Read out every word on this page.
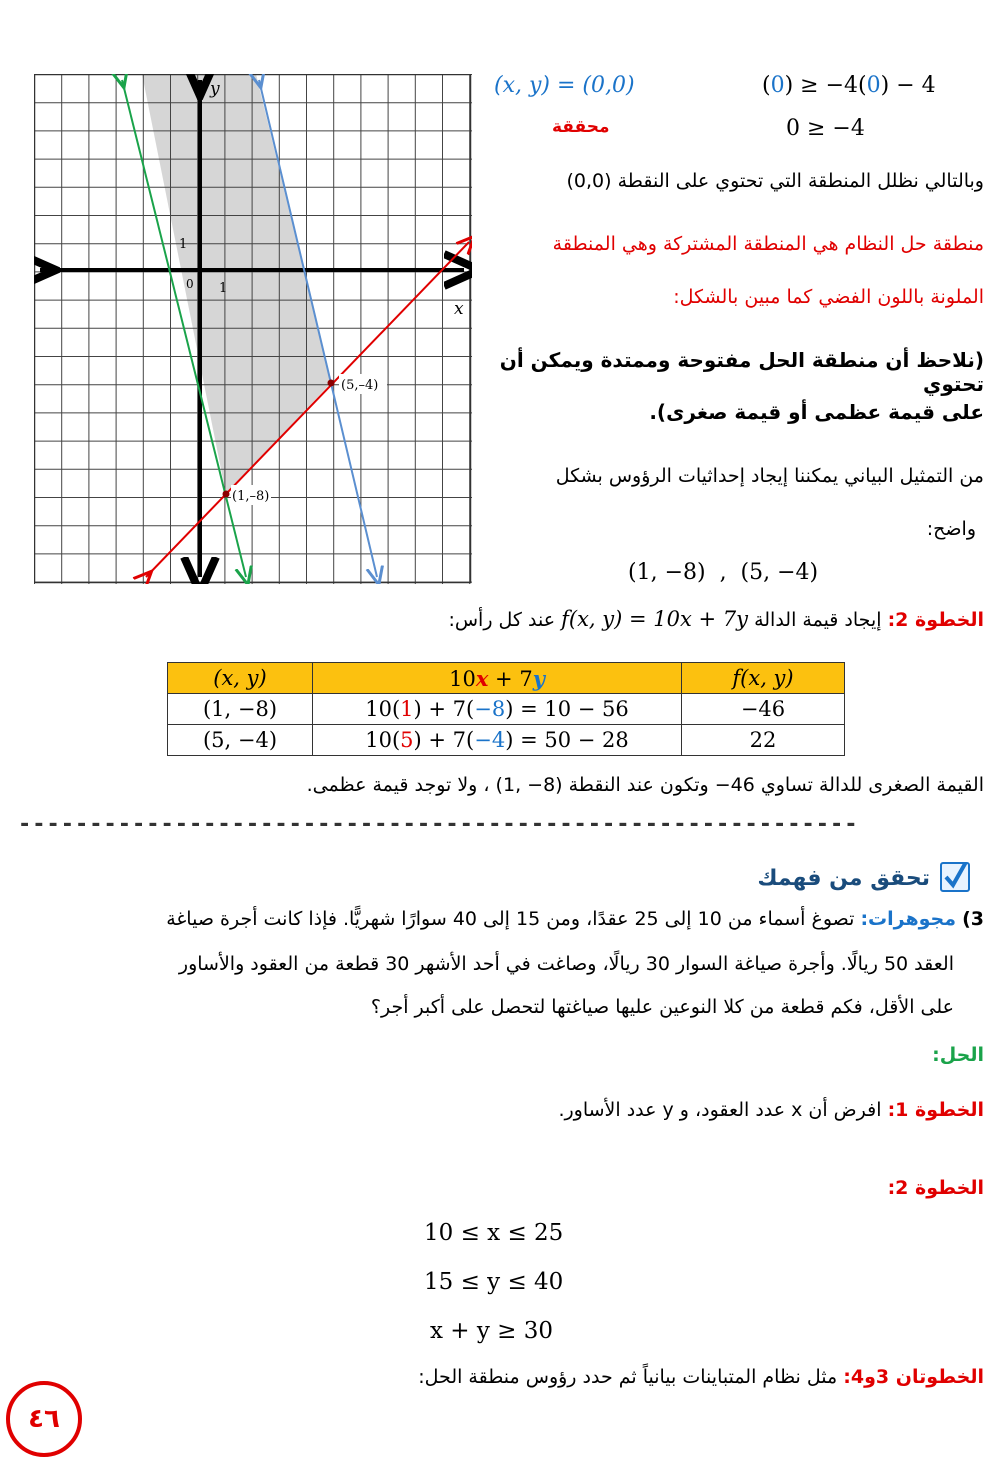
y
x
1
1
0
(5,–4)
(1,–8)
(x, y) = (0,0)	(0) ≥ −4(0) − 4
محققة	0 ≥ −4
وبالتالي نظلل المنطقة التي تحتوي على النقطة (0,0)
منطقة حل النظام هي المنطقة المشتركة وهي المنطقة
الملونة باللون الفضي كما مبين بالشكل:
(نلاحظ أن منطقة الحل مفتوحة وممتدة ويمكن أن تحتوي
على قيمة عظمى أو قيمة صغرى).
من التمثيل البياني يمكننا إيجاد إحداثيات الرؤوس بشكل
واضح:
(1, −8)  ,  (5, −4)
الخطوة 2: إيجاد قيمة الدالة f(x, y) = 10x + 7y عند كل رأس:
(x, y)	10x + 7y	f(x, y)
(1, −8)	10(1) + 7(−8) = 10 − 56	−46
(5, −4)	10(5) + 7(−4) = 50 − 28	22
القيمة الصغرى للدالة تساوي 46− وتكون عند النقطة (8− ,1) ، ولا توجد قيمة عظمى.
-----------------------------------------------------------
تحقق من فهمك
3) مجوهرات: تصوغ أسماء من 10 إلى 25 عقدًا، ومن 15 إلى 40 سوارًا شهريًّا. فإذا كانت أجرة صياغة
العقد 50 ريالًا. وأجرة صياغة السوار 30 ريالًا، وصاغت في أحد الأشهر 30 قطعة من العقود والأساور
على الأقل، فكم قطعة من كلا النوعين عليها صياغتها لتحصل على أكبر أجر؟
الحل:
الخطوة 1: افرض أن x عدد العقود، و y عدد الأساور.
الخطوة 2:
10 ≤ x ≤ 25
15 ≤ y ≤ 40
x + y ≥ 30
الخطوتان 3و4: مثل نظام المتباينات بيانياً ثم حدد رؤوس منطقة الحل:
٤٦
